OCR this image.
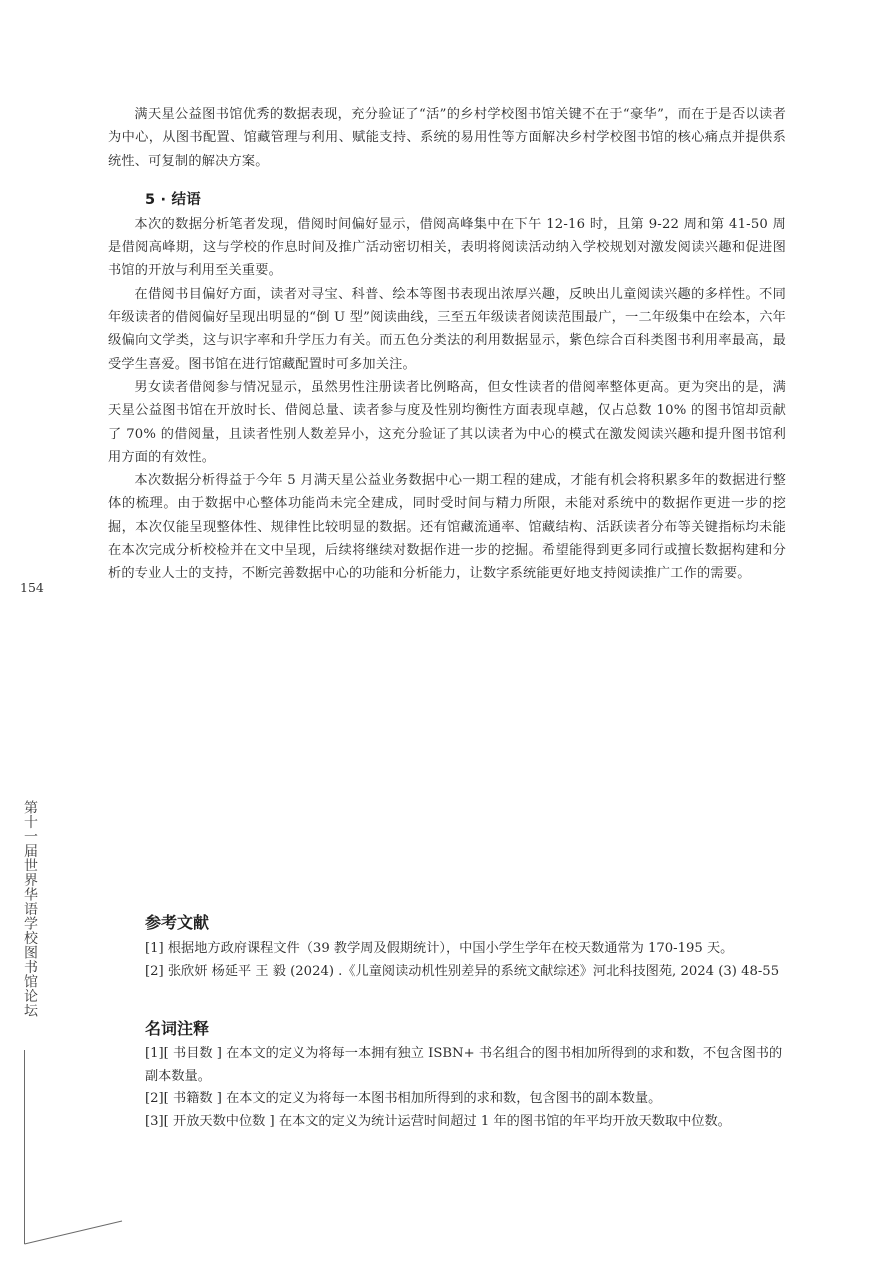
满天星公益图书馆优秀的数据表现，充分验证了“活”的乡村学校图书馆关键不在于“豪华”，而在于是否以读者为中心，从图书配置、馆藏管理与利用、赋能支持、系统的易用性等方面解决乡村学校图书馆的核心痛点并提供系统性、可复制的解决方案。

5 · 结语

本次的数据分析笔者发现，借阅时间偏好显示，借阅高峰集中在下午 12-16 时，且第 9-22 周和第 41-50 周是借阅高峰期，这与学校的作息时间及推广活动密切相关，表明将阅读活动纳入学校规划对激发阅读兴趣和促进图书馆的开放与利用至关重要。

在借阅书目偏好方面，读者对寻宝、科普、绘本等图书表现出浓厚兴趣，反映出儿童阅读兴趣的多样性。不同年级读者的借阅偏好呈现出明显的“倒 U 型”阅读曲线，三至五年级读者阅读范围最广，一二年级集中在绘本，六年级偏向文学类，这与识字率和升学压力有关。而五色分类法的利用数据显示，紫色综合百科类图书利用率最高，最受学生喜爱。图书馆在进行馆藏配置时可多加关注。

男女读者借阅参与情况显示，虽然男性注册读者比例略高，但女性读者的借阅率整体更高。更为突出的是，满天星公益图书馆在开放时长、借阅总量、读者参与度及性别均衡性方面表现卓越，仅占总数 10% 的图书馆却贡献了 70% 的借阅量，且读者性别人数差异小，这充分验证了其以读者为中心的模式在激发阅读兴趣和提升图书馆利用方面的有效性。

本次数据分析得益于今年 5 月满天星公益业务数据中心一期工程的建成，才能有机会将积累多年的数据进行整体的梳理。由于数据中心整体功能尚未完全建成，同时受时间与精力所限，未能对系统中的数据作更进一步的挖掘，本次仅能呈现整体性、规律性比较明显的数据。还有馆藏流通率、馆藏结构、活跃读者分布等关键指标均未能在本次完成分析校检并在文中呈现，后续将继续对数据作进一步的挖掘。希望能得到更多同行或擅长数据构建和分析的专业人士的支持，不断完善数据中心的功能和分析能力，让数字系统能更好地支持阅读推广工作的需要。

154
第十一届世界华语学校图书馆论坛	参考文献

[1] 根据地方政府课程文件（39 教学周及假期统计），中国小学生学年在校天数通常为 170-195 天。

[2] 张欣妍 杨延平 王 毅 (2024) .《儿童阅读动机性别差异的系统文献综述》河北科技图苑, 2024 (3) 48-55

名词注释

[1][ 书目数 ] 在本文的定义为将每一本拥有独立 ISBN+ 书名组合的图书相加所得到的求和数，不包含图书的副本数量。

[2][ 书籍数 ] 在本文的定义为将每一本图书相加所得到的求和数，包含图书的副本数量。

[3][ 开放天数中位数 ] 在本文的定义为统计运营时间超过 1 年的图书馆的年平均开放天数取中位数。
